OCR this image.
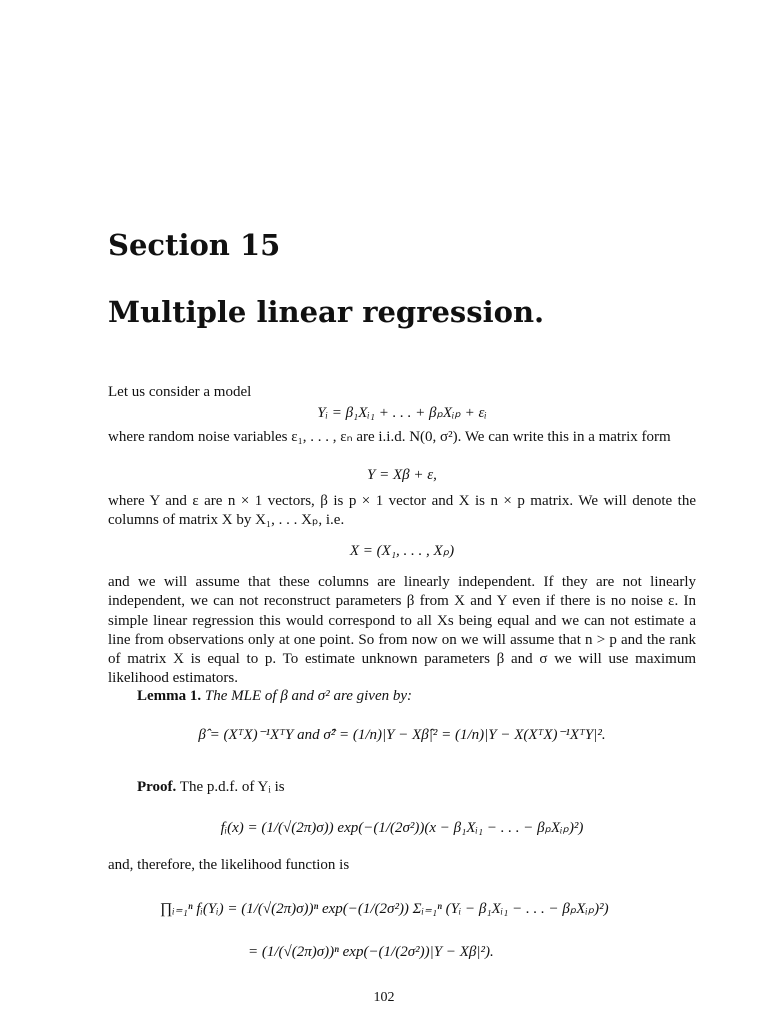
Section 15
Multiple linear regression.
Let us consider a model
Yᵢ = β₁Xᵢ₁ + . . . + βₚXᵢₚ + εᵢ
where random noise variables ε₁, . . . , εₙ are i.i.d. N(0, σ²). We can write this in a matrix form
Y = Xβ + ε,
where Y and ε are n × 1 vectors, β is p × 1 vector and X is n × p matrix. We will denote the columns of matrix X by X₁, . . . Xₚ, i.e.
X = (X₁, . . . , Xₚ)
and we will assume that these columns are linearly independent. If they are not linearly independent, we can not reconstruct parameters β from X and Y even if there is no noise ε. In simple linear regression this would correspond to all Xs being equal and we can not estimate a line from observations only at one point. So from now on we will assume that n > p and the rank of matrix X is equal to p. To estimate unknown parameters β and σ we will use maximum likelihood estimators.
Lemma 1. The MLE of β and σ² are given by:
β̂ = (XᵀX)⁻¹XᵀY and σ̂² = (1/n)|Y − Xβ̂|² = (1/n)|Y − X(XᵀX)⁻¹XᵀY|².
Proof. The p.d.f. of Yᵢ is
fᵢ(x) = (1/(√(2π)σ)) exp(−(1/(2σ²))(x − β₁Xᵢ₁ − . . . − βₚXᵢₚ)²)
and, therefore, the likelihood function is
∏ᵢ₌₁ⁿ fᵢ(Yᵢ) = (1/(√(2π)σ))ⁿ exp(−(1/(2σ²)) Σᵢ₌₁ⁿ (Yᵢ − β₁Xᵢ₁ − . . . − βₚXᵢₚ)²)
= (1/(√(2π)σ))ⁿ exp(−(1/(2σ²))|Y − Xβ|²).
102
